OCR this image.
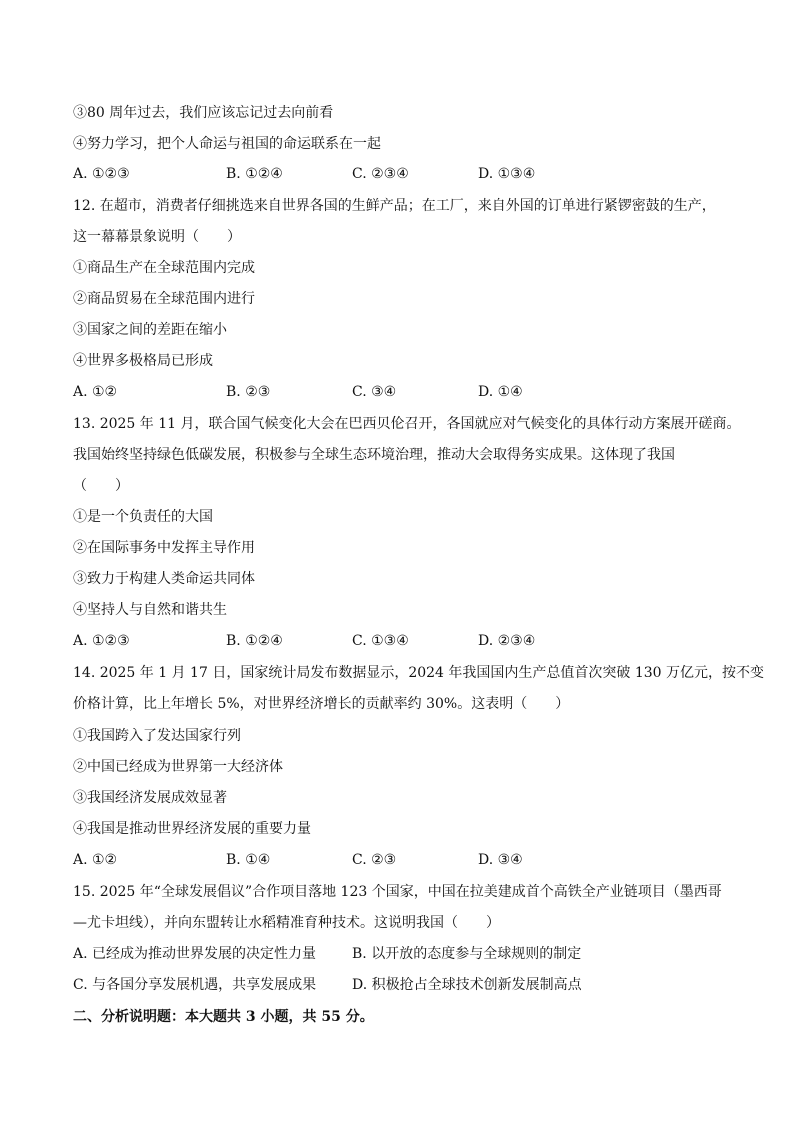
③80 周年过去，我们应该忘记过去向前看
④努力学习，把个人命运与祖国的命运联系在一起
A. ①②③	B. ①②④	C. ②③④	D. ①③④
12. 在超市，消费者仔细挑选来自世界各国的生鲜产品；在工厂，来自外国的订单进行紧锣密鼓的生产，
这一幕幕景象说明（　　）
①商品生产在全球范围内完成
②商品贸易在全球范围内进行
③国家之间的差距在缩小
④世界多极格局已形成
A. ①②	B. ②③	C. ③④	D. ①④
13. 2025 年 11 月，联合国气候变化大会在巴西贝伦召开，各国就应对气候变化的具体行动方案展开磋商。
我国始终坚持绿色低碳发展，积极参与全球生态环境治理，推动大会取得务实成果。这体现了我国
（　　）
①是一个负责任的大国
②在国际事务中发挥主导作用
③致力于构建人类命运共同体
④坚持人与自然和谐共生
A. ①②③	B. ①②④	C. ①③④	D. ②③④
14. 2025 年 1 月 17 日，国家统计局发布数据显示，2024 年我国国内生产总值首次突破 130 万亿元，按不变
价格计算，比上年增长 5%，对世界经济增长的贡献率约 30%。这表明（　　）
①我国跨入了发达国家行列
②中国已经成为世界第一大经济体
③我国经济发展成效显著
④我国是推动世界经济发展的重要力量
A. ①②	B. ①④	C. ②③	D. ③④
15. 2025 年“全球发展倡议”合作项目落地 123 个国家，中国在拉美建成首个高铁全产业链项目（墨西哥
—尤卡坦线），并向东盟转让水稻精准育种技术。这说明我国（　　）
A. 已经成为推动世界发展的决定性力量	B. 以开放的态度参与全球规则的制定
C. 与各国分享发展机遇，共享发展成果	D. 积极抢占全球技术创新发展制高点
二、分析说明题：本大题共 3 小题，共 55 分。
